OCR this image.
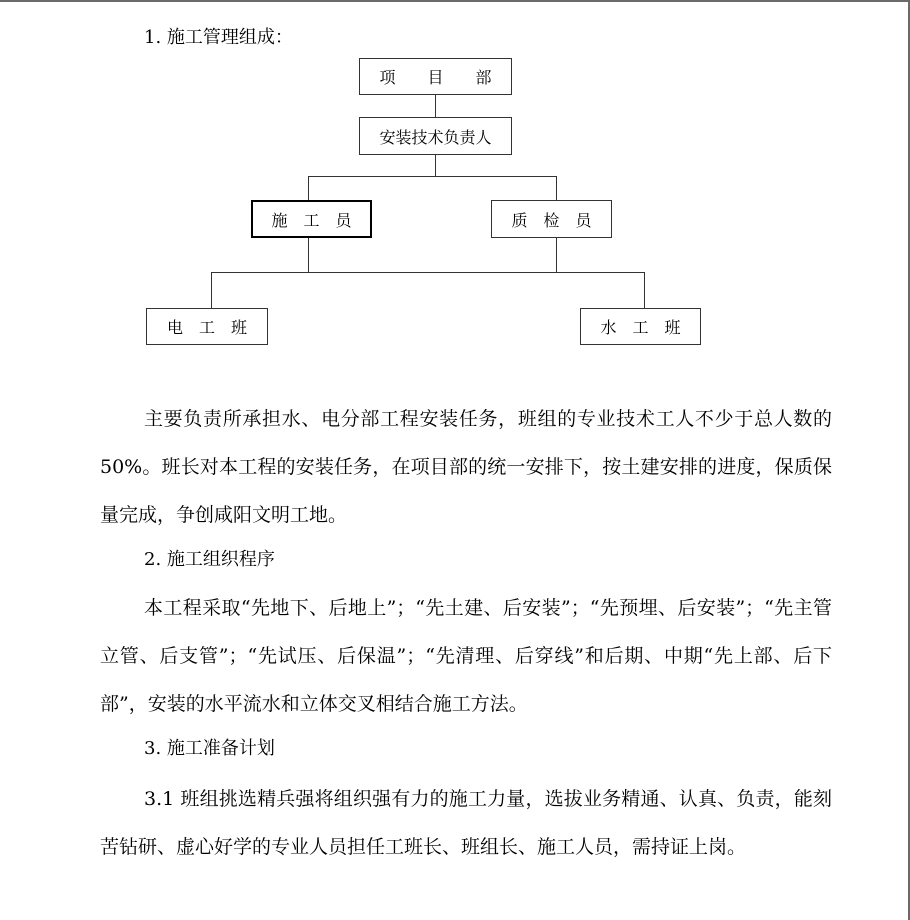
1. 施工管理组成：
项　　目　　部
安装技术负责人
施　工　员	质　检　员
电　工　班	水　工　班

主要负责所承担水、电分部工程安装任务，班组的专业技术工人不少于总人数的 50%。班长对本工程的安装任务，在项目部的统一安排下，按土建安排的进度，保质保量完成，争创咸阳文明工地。

2. 施工组织程序

本工程采取“先地下、后地上”；“先土建、后安装”；“先预埋、后安装”；“先主管立管、后支管”；“先试压、后保温”；“先清理、后穿线”和后期、中期“先上部、后下部”，安装的水平流水和立体交叉相结合施工方法。

3. 施工准备计划

3.1 班组挑选精兵强将组织强有力的施工力量，选拔业务精通、认真、负责，能刻苦钻研、虚心好学的专业人员担任工班长、班组长、施工人员，需持证上岗。
